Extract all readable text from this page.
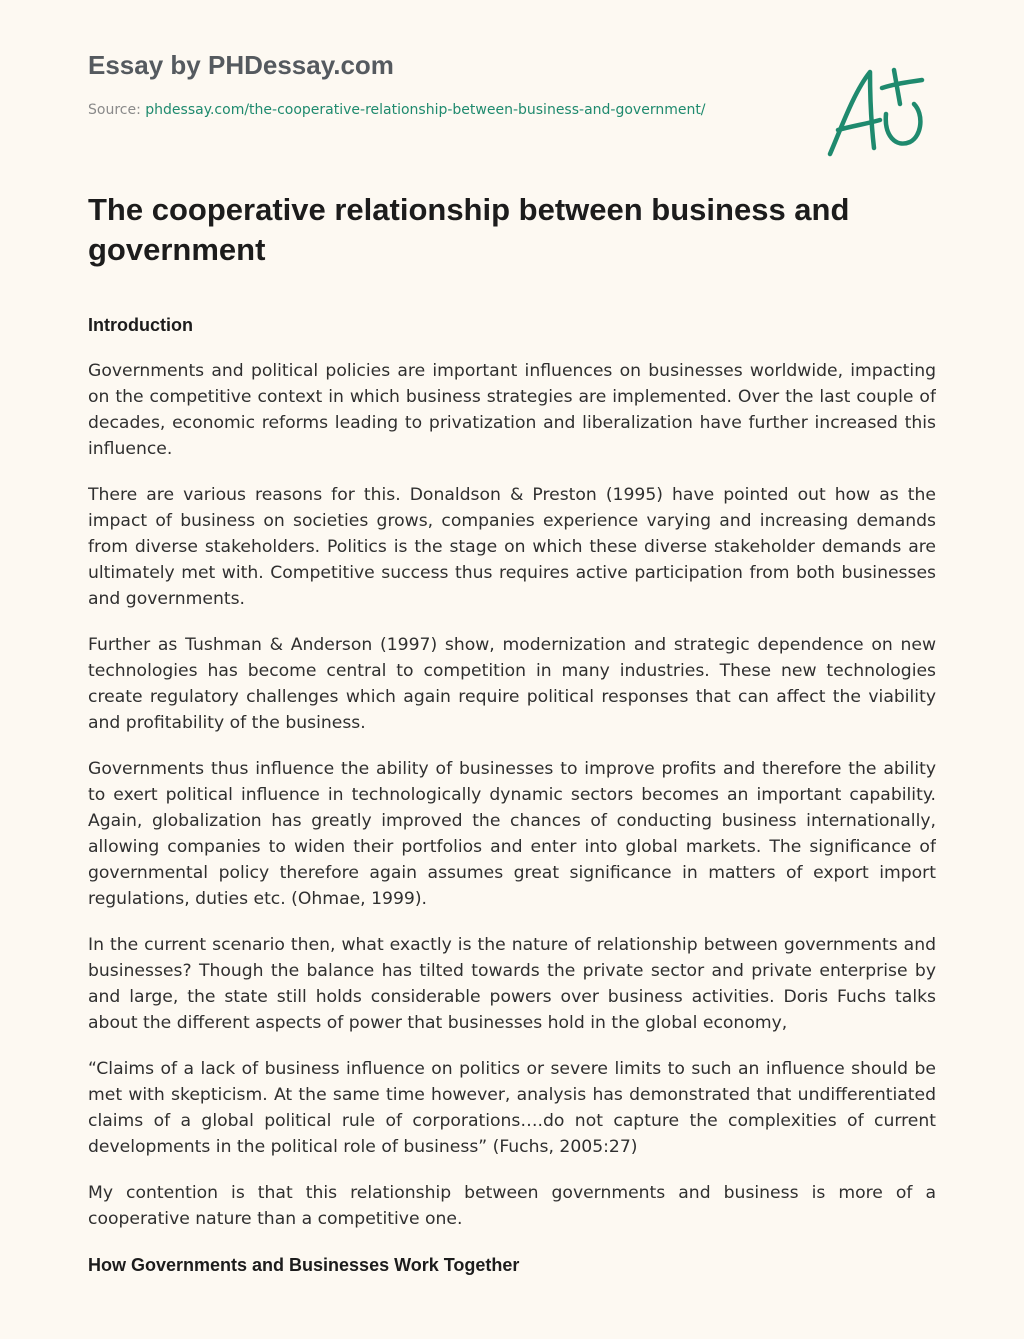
Essay by PHDessay.com
Source: phdessay.com/the-cooperative-relationship-between-business-and-government/
The cooperative relationship between business and government
Introduction

Governments and political policies are important influences on businesses worldwide, impacting on the competitive context in which business strategies are implemented. Over the last couple of decades, economic reforms leading to privatization and liberalization have further increased this influence.

There are various reasons for this. Donaldson & Preston (1995) have pointed out how as the impact of business on societies grows, companies experience varying and increasing demands from diverse stakeholders. Politics is the stage on which these diverse stakeholder demands are ultimately met with. Competitive success thus requires active participation from both businesses and governments.

Further as Tushman & Anderson (1997) show, modernization and strategic dependence on new technologies has become central to competition in many industries. These new technologies create regulatory challenges which again require political responses that can affect the viability and profitability of the business.

Governments thus influence the ability of businesses to improve profits and therefore the ability to exert political influence in technologically dynamic sectors becomes an important capability. Again, globalization has greatly improved the chances of conducting business internationally, allowing companies to widen their portfolios and enter into global markets. The significance of governmental policy therefore again assumes great significance in matters of export import regulations, duties etc. (Ohmae, 1999).

In the current scenario then, what exactly is the nature of relationship between governments and businesses? Though the balance has tilted towards the private sector and private enterprise by and large, the state still holds considerable powers over business activities. Doris Fuchs talks about the different aspects of power that businesses hold in the global economy,

“Claims of a lack of business influence on politics or severe limits to such an influence should be met with skepticism. At the same time however, analysis has demonstrated that undifferentiated claims of a global political rule of corporations….do not capture the complexities of current developments in the political role of business” (Fuchs, 2005:27)

My contention is that this relationship between governments and business is more of a cooperative nature than a competitive one.

How Governments and Businesses Work Together
